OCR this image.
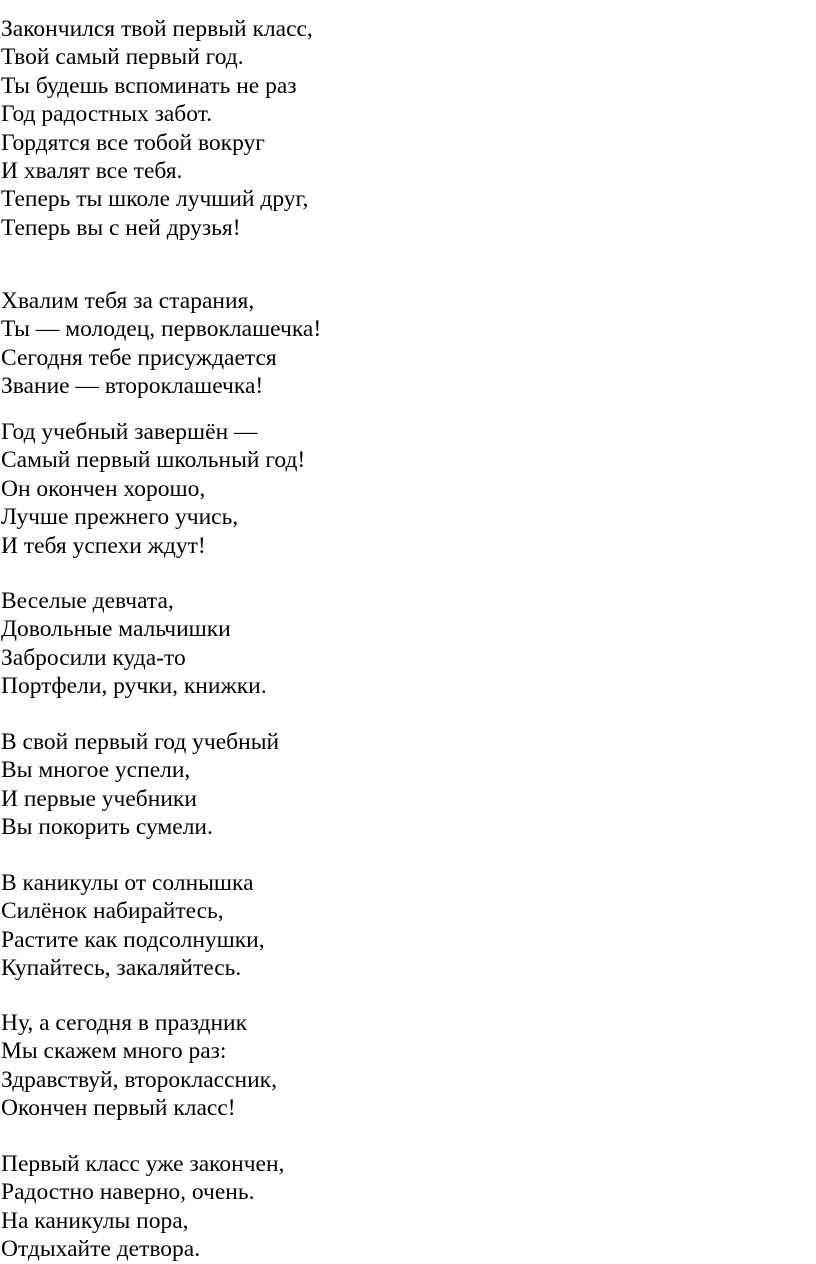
Закончился твой первый класс,
Твой самый первый год.
Ты будешь вспоминать не раз
Год радостных забот.
Гордятся все тобой вокруг
И хвалят все тебя.
Теперь ты школе лучший друг,
Теперь вы с ней друзья!
Хвалим тебя за старания,
Ты — молодец, первоклашечка!
Сегодня тебе присуждается
Звание — второклашечка!
Год учебный завершён —
Самый первый школьный год!
Он окончен хорошо,
Лучше прежнего учись,
И тебя успехи ждут!
Веселые девчата,
Довольные мальчишки
Забросили куда-то
Портфели, ручки, книжки.
В свой первый год учебный
Вы многое успели,
И первые учебники
Вы покорить сумели.
В каникулы от солнышка
Силёнок набирайтесь,
Растите как подсолнушки,
Купайтесь, закаляйтесь.
Ну, а сегодня в праздник
Мы скажем много раз:
Здравствуй, второклассник,
Окончен первый класс!
Первый класс уже закончен,
Радостно наверно, очень.
На каникулы пора,
Отдыхайте детвора.
